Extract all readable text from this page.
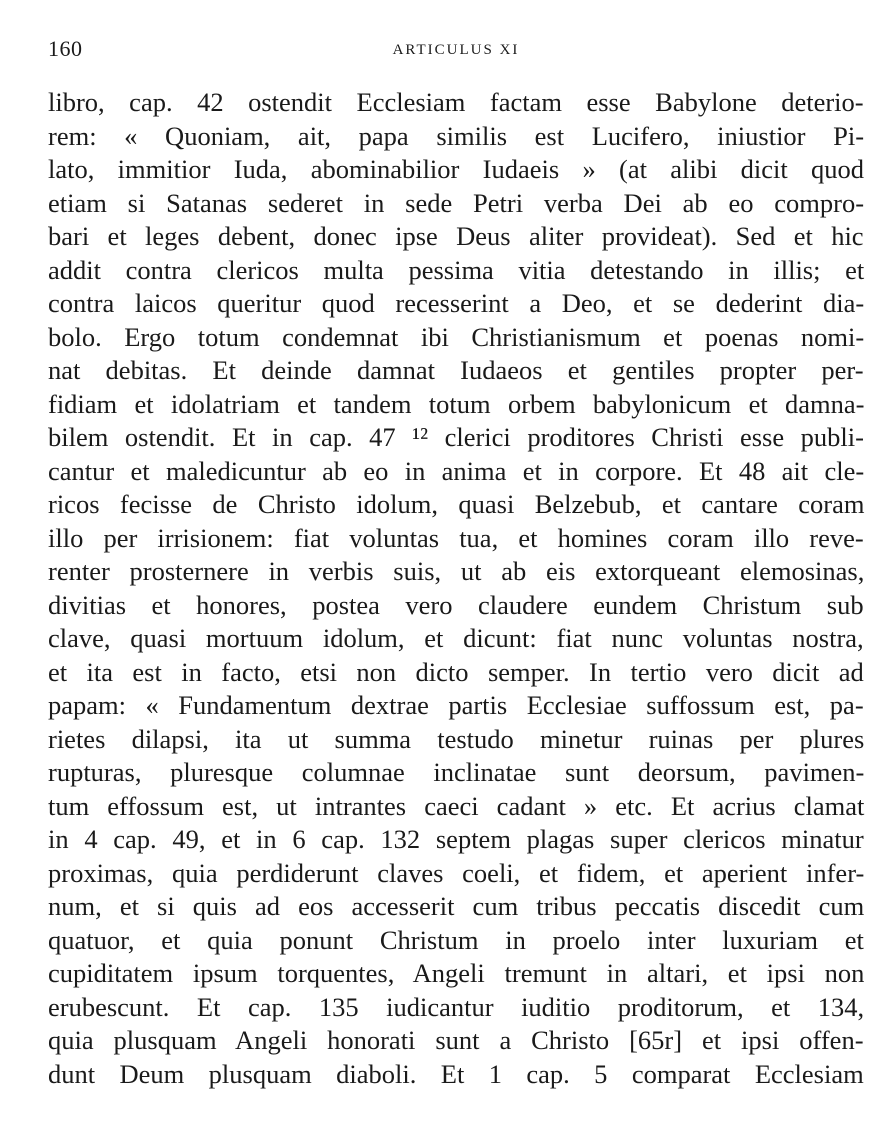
160	ARTICULUS XI
libro, cap. 42 ostendit Ecclesiam factam esse Babylone deterio-
rem: « Quoniam, ait, papa similis est Lucifero, iniustior Pi-
lato, immitior Iuda, abominabilior Iudaeis » (at alibi dicit quod
etiam si Satanas sederet in sede Petri verba Dei ab eo compro-
bari et leges debent, donec ipse Deus aliter provideat). Sed et hic
addit contra clericos multa pessima vitia detestando in illis; et
contra laicos queritur quod recesserint a Deo, et se dederint dia-
bolo. Ergo totum condemnat ibi Christianismum et poenas nomi-
nat debitas. Et deinde damnat Iudaeos et gentiles propter per-
fidiam et idolatriam et tandem totum orbem babylonicum et damna-
bilem ostendit. Et in cap. 47 ¹² clerici proditores Christi esse publi-
cantur et maledicuntur ab eo in anima et in corpore. Et 48 ait cle-
ricos fecisse de Christo idolum, quasi Belzebub, et cantare coram
illo per irrisionem: fiat voluntas tua, et homines coram illo reve-
renter prosternere in verbis suis, ut ab eis extorqueant elemosinas,
divitias et honores, postea vero claudere eundem Christum sub
clave, quasi mortuum idolum, et dicunt: fiat nunc voluntas nostra,
et ita est in facto, etsi non dicto semper. In tertio vero dicit ad
papam: « Fundamentum dextrae partis Ecclesiae suffossum est, pa-
rietes dilapsi, ita ut summa testudo minetur ruinas per plures
rupturas, pluresque columnae inclinatae sunt deorsum, pavimen-
tum effossum est, ut intrantes caeci cadant » etc. Et acrius clamat
in 4 cap. 49, et in 6 cap. 132 septem plagas super clericos minatur
proximas, quia perdiderunt claves coeli, et fidem, et aperient infer-
num, et si quis ad eos accesserit cum tribus peccatis discedit cum
quatuor, et quia ponunt Christum in proelo inter luxuriam et
cupiditatem ipsum torquentes, Angeli tremunt in altari, et ipsi non
erubescunt. Et cap. 135 iudicantur iuditio proditorum, et 134,
quia plusquam Angeli honorati sunt a Christo [65r] et ipsi offen-
dunt Deum plusquam diaboli. Et 1 cap. 5 comparat Ecclesiam
